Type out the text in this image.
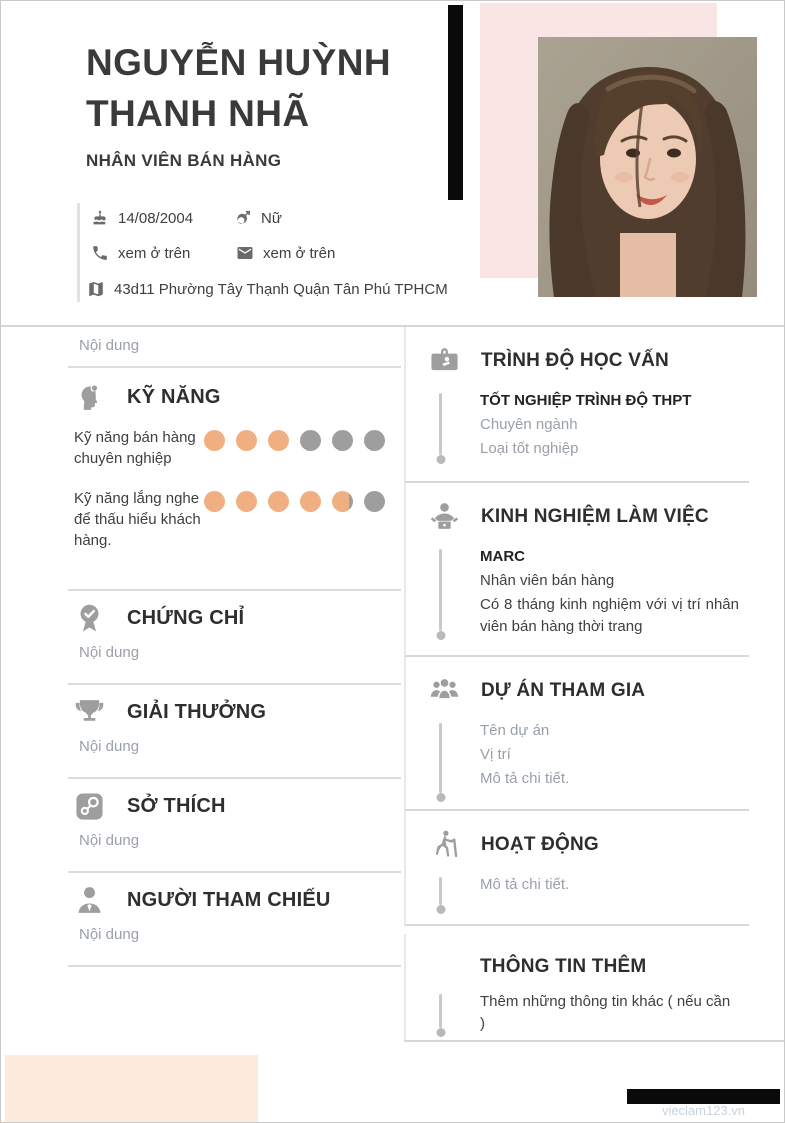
NGUYỄN HUỲNH THANH NHÃ
NHÂN VIÊN BÁN HÀNG
14/08/2004	Nữ
xem ở trên	xem ở trên
43d11 Phường Tây Thạnh Quận Tân Phú TPHCM
Nội dung
KỸ NĂNG
Kỹ năng bán hàng chuyên nghiệp
Kỹ năng lắng nghe để thấu hiểu khách hàng.
CHỨNG CHỈ
Nội dung
GIẢI THƯỞNG
Nội dung
SỞ THÍCH
Nội dung
NGƯỜI THAM CHIẾU
Nội dung
TRÌNH ĐỘ HỌC VẤN
TỐT NGHIỆP TRÌNH ĐỘ THPT
Chuyên ngành
Loại tốt nghiệp
KINH NGHIỆM LÀM VIỆC
MARC
Nhân viên bán hàng
Có 8 tháng kinh nghiệm với vị trí nhân viên bán hàng thời trang
DỰ ÁN THAM GIA
Tên dự án
Vị trí
Mô tả chi tiết.
HOẠT ĐỘNG
Mô tả chi tiết.
THÔNG TIN THÊM
Thêm những thông tin khác ( nếu cần )
vieclam123.vn
